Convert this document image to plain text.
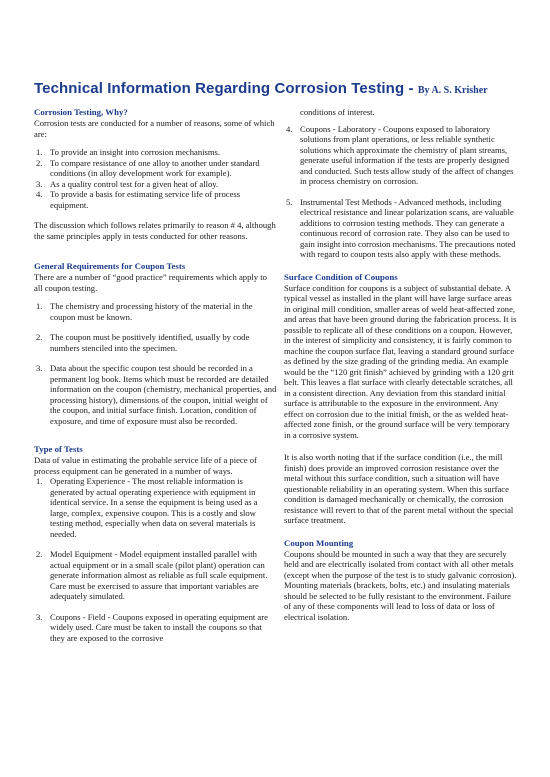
Technical Information Regarding Corrosion Testing - By A. S. Krisher

Corrosion Testing, Why?

Corrosion tests are conducted for a number of reasons, some of which are:

1. To provide an insight into corrosion mechanisms.
2. To compare resistance of one alloy to another under standard conditions (in alloy development work for example).
3. As a quality control test for a given heat of alloy.
4. To provide a basis for estimating service life of process equipment.

The discussion which follows relates primarily to reason # 4, although the same principles apply in tests conducted for other reasons.

General Requirements for Coupon Tests

There are a number of “good practice” requirements which apply to all coupon testing.

1. The chemistry and processing history of the material in the coupon must be known.
2. The coupon must be positively identified, usually by code numbers stenciled into the specimen.
3. Data about the specific coupon test should be recorded in a permanent log book. Items which must be recorded are detailed information on the coupon (chemistry, mechanical properties, and processing history), dimensions of the coupon, initial weight of the coupon, and initial surface finish. Location, condition of exposure, and time of exposure must also be recorded.

Type of Tests

Data of value in estimating the probable service life of a piece of process equipment can be generated in a number of ways.

1. Operating Experience - The most reliable information is generated by actual operating experience with equipment in identical service. In a sense the equipment is being used as a large, complex, expensive coupon. This is a costly and slow testing method, especially when data on several materials is needed.
2. Model Equipment - Model equipment installed parallel with actual equipment or in a small scale (pilot plant) operation can generate information almost as reliable as full scale equipment. Care must be exercised to assure that important variables are adequately simulated.
3. Coupons - Field - Coupons exposed in operating equipment are widely used. Care must be taken to install the coupons so that they are exposed to the corrosive

conditions of interest.

4. Coupons - Laboratory - Coupons exposed to laboratory solutions from plant operations, or less reliable synthetic solutions which approximate the chemistry of plant streams, generate useful information if the tests are properly designed and conducted. Such tests allow study of the affect of changes in process chemistry on corrosion.
5. Instrumental Test Methods - Advanced methods, including electrical resistance and linear polarization scans, are valuable additions to corrosion testing methods. They can generate a continuous record of corrosion rate. They also can be used to gain insight into corrosion mechanisms. The precautions noted with regard to coupon tests also apply with these methods.

Surface Condition of Coupons

Surface condition for coupons is a subject of substantial debate. A typical vessel as installed in the plant will have large surface areas in original mill condition, smaller areas of weld heat-affected zone, and areas that have been ground during the fabrication process. It is possible to replicate all of these conditions on a coupon. However, in the interest of simplicity and consistency, it is fairly common to machine the coupon surface flat, leaving a standard ground surface as defined by the size grading of the grinding media. An example would be the “120 grit finish” achieved by grinding with a 120 grit belt. This leaves a flat surface with clearly detectable scratches, all in a consistent direction. Any deviation from this standard initial surface is attributable to the exposure in the environment. Any effect on corrosion due to the initial finish, or the as welded heat-affected zone finish, or the ground surface will be very temporary in a corrosive system.

It is also worth noting that if the surface condition (i.e., the mill finish) does provide an improved corrosion resistance over the metal without this surface condition, such a situation will have questionable reliability in an operating system. When this surface condition is damaged mechanically or chemically, the corrosion resistance will revert to that of the parent metal without the special surface treatment.

Coupon Mounting

Coupons should be mounted in such a way that they are securely held and are electrically isolated from contact with all other metals (except when the purpose of the test is to study galvanic corrosion). Mounting materials (brackets, bolts, etc.) and insulating materials should be selected to be fully resistant to the environment. Failure of any of these components will lead to loss of data or loss of electrical isolation.
